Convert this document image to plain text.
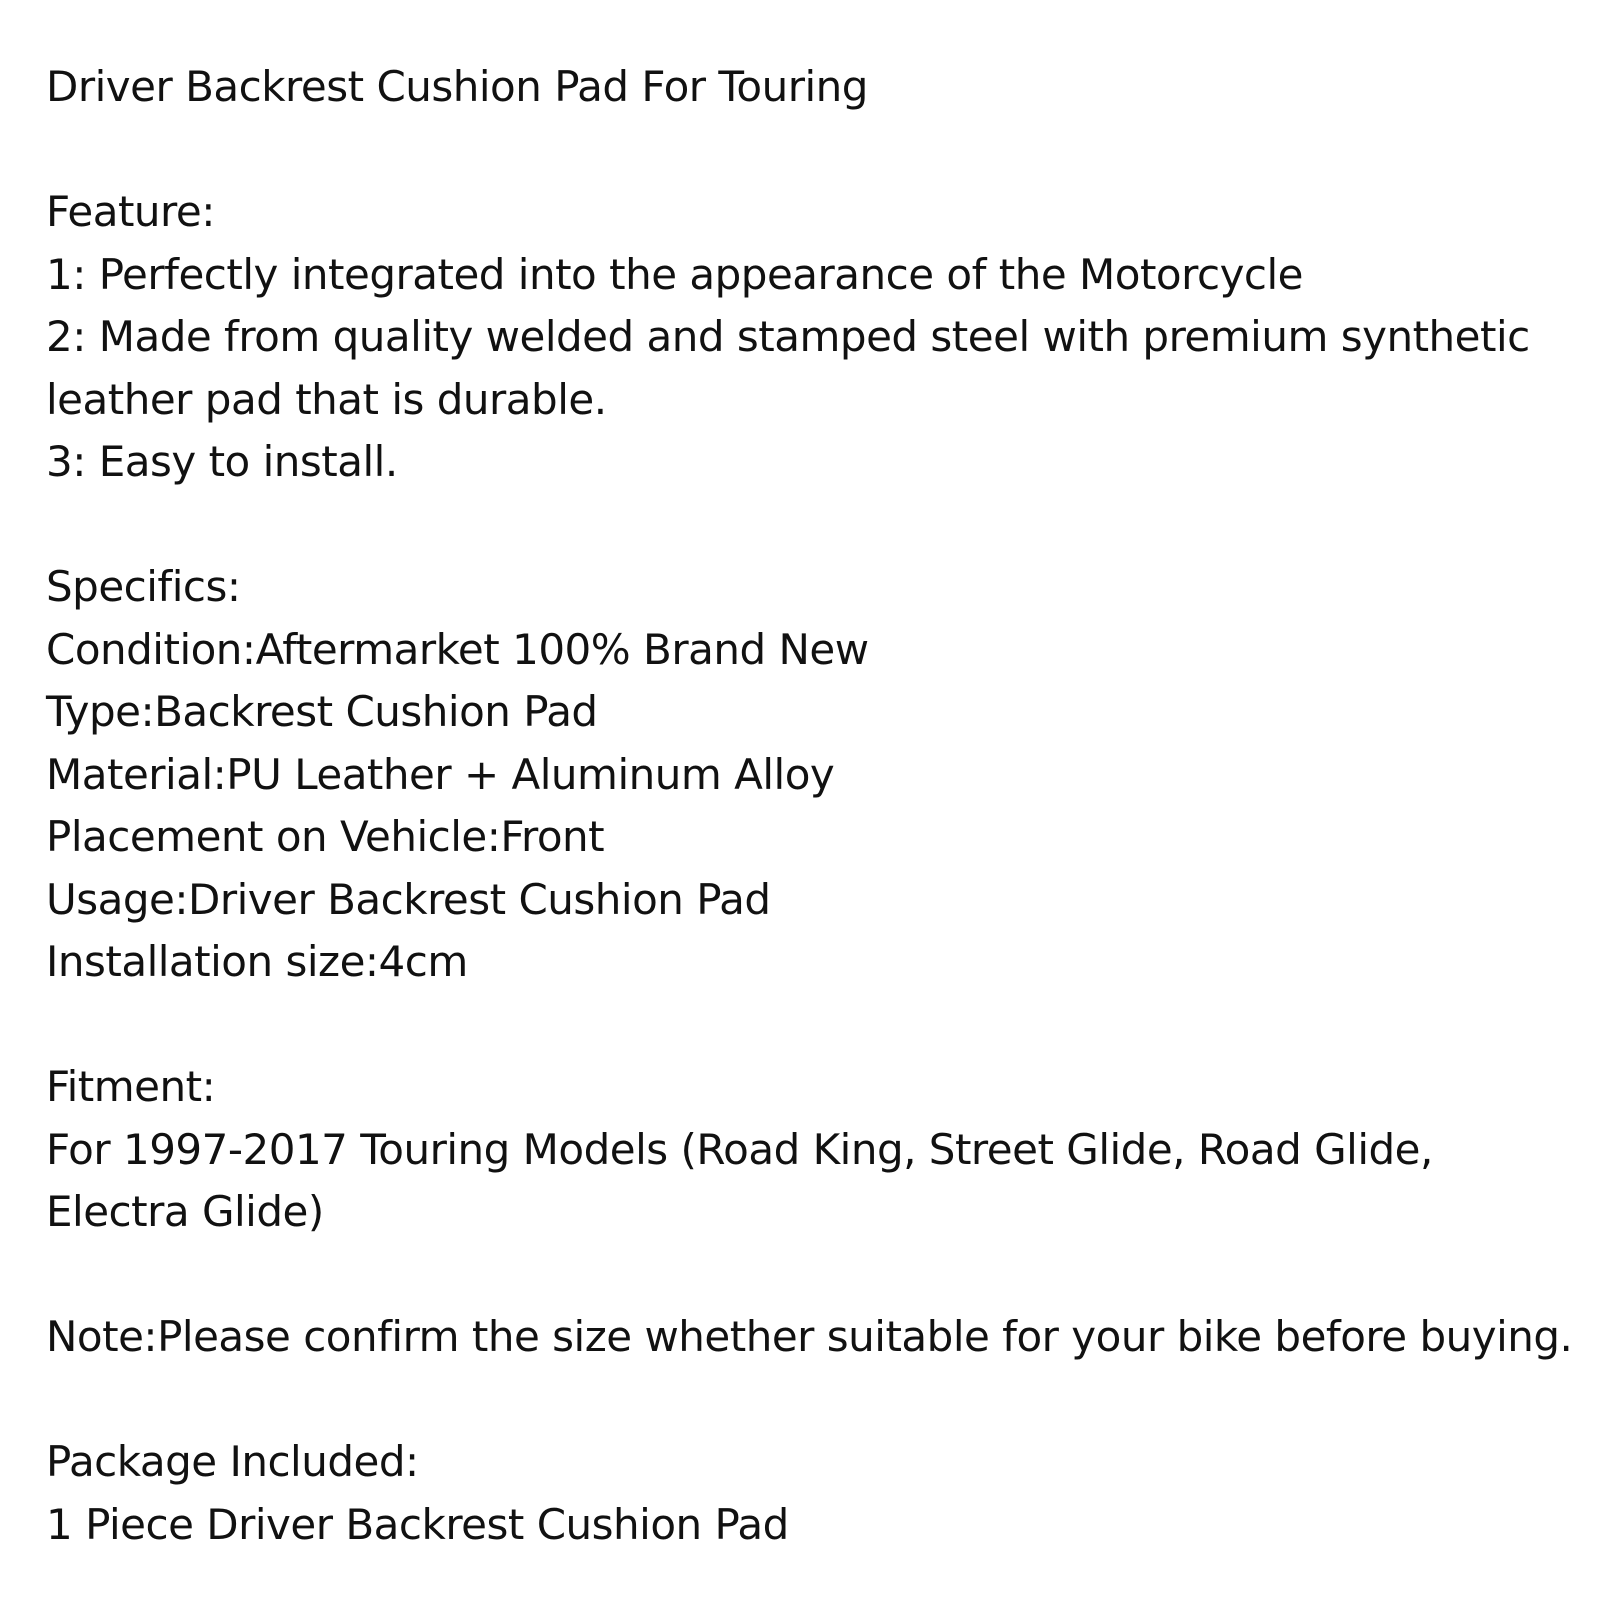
Driver Backrest Cushion Pad For Touring

Feature:

1: Perfectly integrated into the appearance of the Motorcycle

2: Made from quality welded and stamped steel with premium synthetic

leather pad that is durable.

3: Easy to install.

Specifics:

Condition:Aftermarket 100% Brand New

Type:Backrest Cushion Pad

Material:PU Leather + Aluminum Alloy

Placement on Vehicle:Front

Usage:Driver Backrest Cushion Pad

Installation size:4cm

Fitment:

For 1997-2017 Touring Models (Road King, Street Glide, Road Glide,

Electra Glide)

Note:Please confirm the size whether suitable for your bike before buying.

Package Included:

1 Piece Driver Backrest Cushion Pad
